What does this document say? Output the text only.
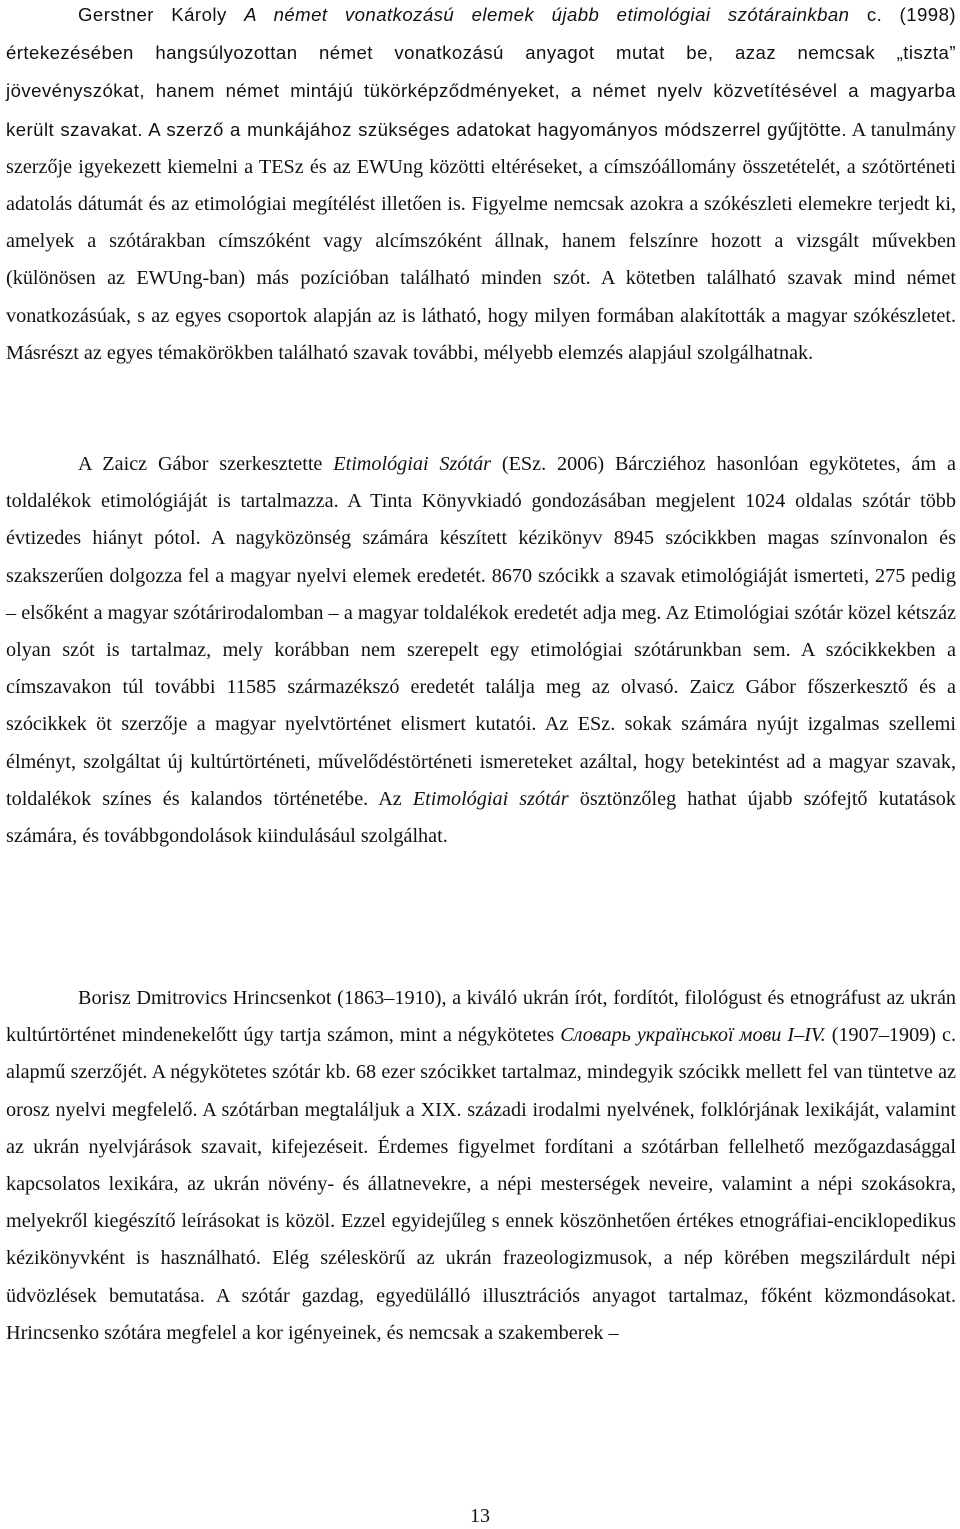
Gerstner Károly A német vonatkozású elemek újabb etimológiai szótárainkban c. (1998) értekezésében hangsúlyozottan német vonatkozású anyagot mutat be, azaz nemcsak „tiszta” jövevényszókat, hanem német mintájú tükörképződményeket, a német nyelv közvetítésével a magyarba került szavakat. A szerző a munkájához szükséges adatokat hagyományos módszerrel gyűjtötte. A tanulmány szerzője igyekezett kiemelni a TESz és az EWUng közötti eltéréseket, a címszóállomány összetételét, a szótörténeti adatolás dátumát és az etimológiai megítélést illetően is. Figyelme nemcsak azokra a szókészleti elemekre terjedt ki, amelyek a szótárakban címszóként vagy alcímszóként állnak, hanem felszínre hozott a vizsgált művekben (különösen az EWUng-ban) más pozícióban található minden szót. A kötetben található szavak mind német vonatkozásúak, s az egyes csoportok alapján az is látható, hogy milyen formában alakították a magyar szókészletet. Másrészt az egyes témakörökben található szavak további, mélyebb elemzés alapjául szolgálhatnak.

A Zaicz Gábor szerkesztette Etimológiai Szótár (ESz. 2006) Bárcziéhoz hasonlóan egykötetes, ám a toldalékok etimológiáját is tartalmazza. A Tinta Könyvkiadó gondozásában megjelent 1024 oldalas szótár több évtizedes hiányt pótol. A nagyközönség számára készített kézikönyv 8945 szócikkben magas színvonalon és szakszerűen dolgozza fel a magyar nyelvi elemek eredetét. 8670 szócikk a szavak etimológiáját ismerteti, 275 pedig – elsőként a magyar szótárirodalomban – a magyar toldalékok eredetét adja meg. Az Etimológiai szótár közel kétszáz olyan szót is tartalmaz, mely korábban nem szerepelt egy etimológiai szótárunkban sem. A szócikkekben a címszavakon túl további 11585 származékszó eredetét találja meg az olvasó. Zaicz Gábor főszerkesztő és a szócikkek öt szerzője a magyar nyelvtörténet elismert kutatói. Az ESz. sokak számára nyújt izgalmas szellemi élményt, szolgáltat új kultúrtörténeti, művelődéstörténeti ismereteket azáltal, hogy betekintést ad a magyar szavak, toldalékok színes és kalandos történetébe. Az Etimológiai szótár ösztönzőleg hathat újabb szófejtő kutatások számára, és továbbgondolások kiindulásául szolgálhat.

Borisz Dmitrovics Hrincsenkot (1863–1910), a kiváló ukrán írót, fordítót, filológust és etnográfust az ukrán kultúrtörténet mindenekelőtt úgy tartja számon, mint a négykötetes Словарь української мови I–IV. (1907–1909) c. alapmű szerzőjét. A négykötetes szótár kb. 68 ezer szócikket tartalmaz, mindegyik szócikk mellett fel van tüntetve az orosz nyelvi megfelelő. A szótárban megtaláljuk a XIX. századi irodalmi nyelvének, folklórjának lexikáját, valamint az ukrán nyelvjárások szavait, kifejezéseit. Érdemes figyelmet fordítani a szótárban fellelhető mezőgazdasággal kapcsolatos lexikára, az ukrán növény- és állatnevekre, a népi mesterségek neveire, valamint a népi szokásokra, melyekről kiegészítő leírásokat is közöl. Ezzel egyidejűleg s ennek köszönhetően értékes etnográfiai-enciklopedikus kézikönyvként is használható. Elég széleskörű az ukrán frazeologizmusok, a nép körében megszilárdult népi üdvözlések bemutatása. A szótár gazdag, egyedülálló illusztrációs anyagot tartalmaz, főként közmondásokat. Hrincsenko szótára megfelel a kor igényeinek, és nemcsak a szakemberek –

13
